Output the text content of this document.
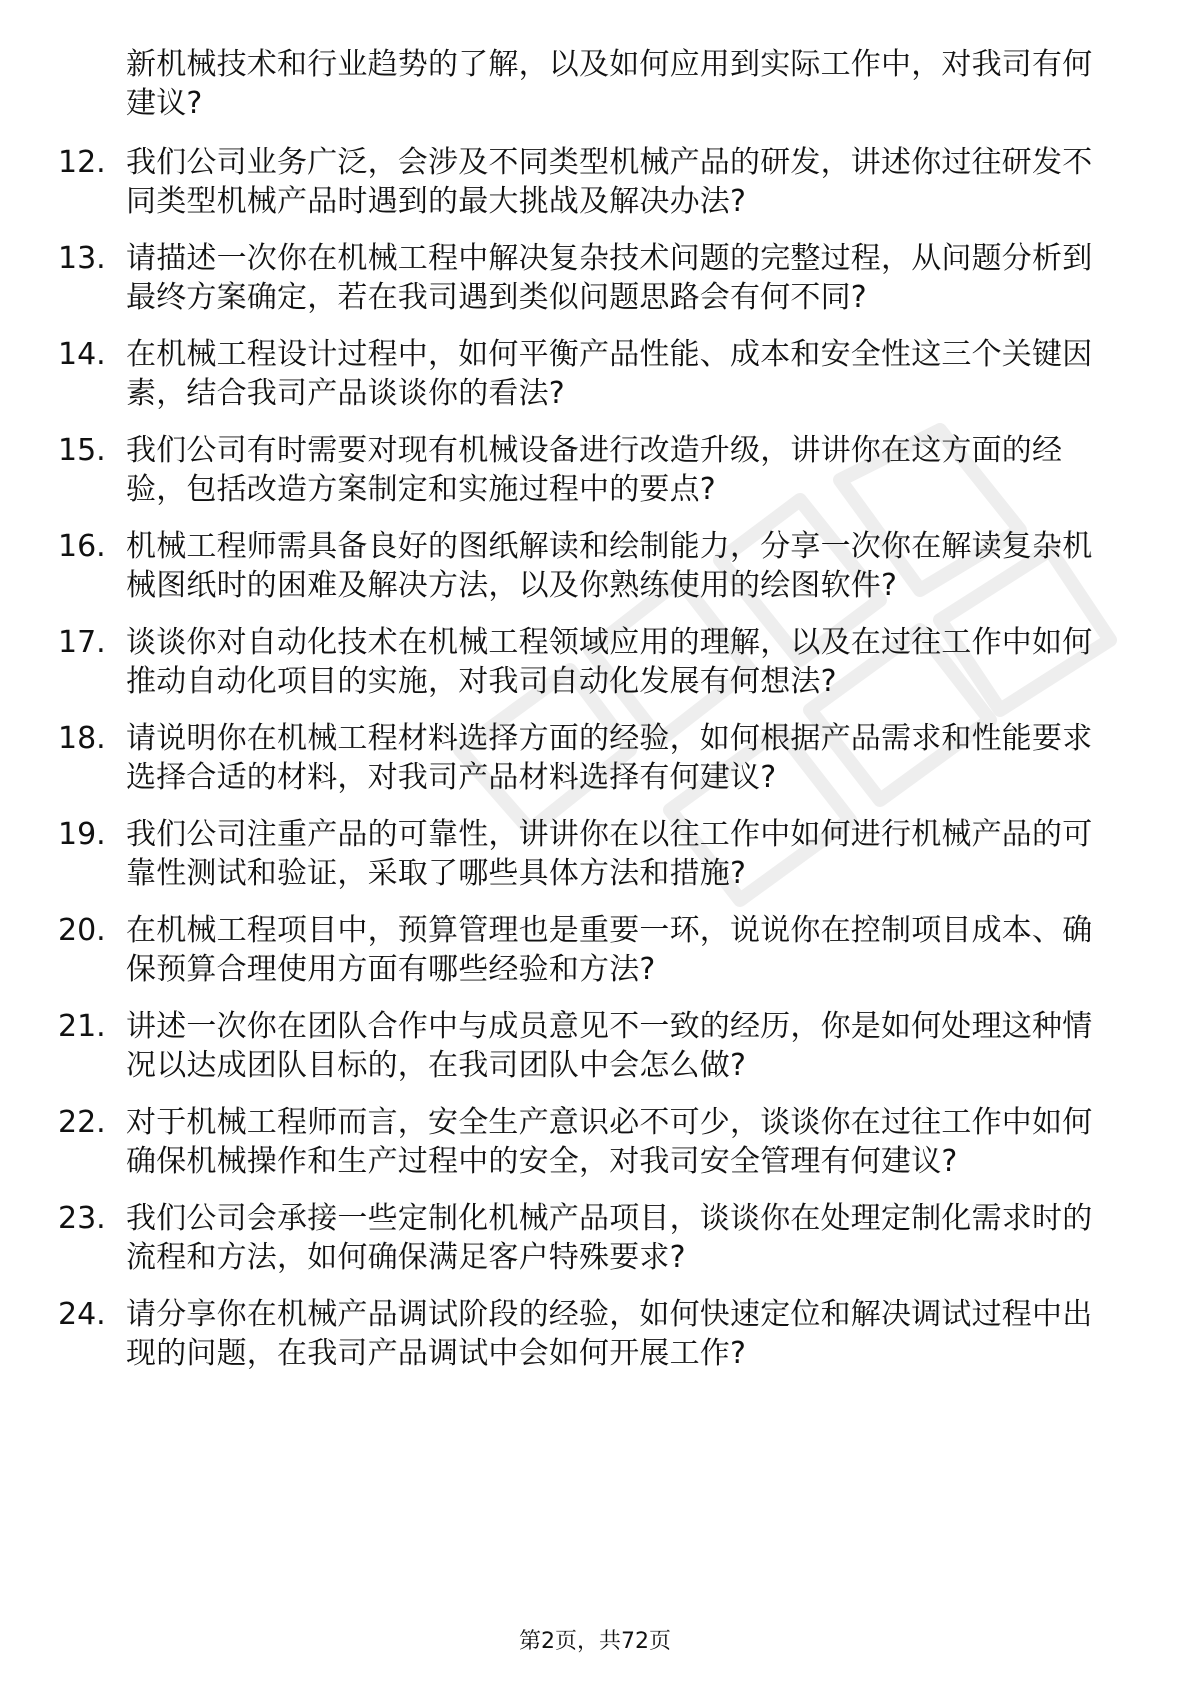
新机械技术和行业趋势的了解，以及如何应用到实际工作中，对我司有何建议?
12. 我们公司业务广泛，会涉及不同类型机械产品的研发，讲述你过往研发不同类型机械产品时遇到的最大挑战及解决办法?
13. 请描述一次你在机械工程中解决复杂技术问题的完整过程，从问题分析到最终方案确定，若在我司遇到类似问题思路会有何不同?
14. 在机械工程设计过程中，如何平衡产品性能、成本和安全性这三个关键因素，结合我司产品谈谈你的看法?
15. 我们公司有时需要对现有机械设备进行改造升级，讲讲你在这方面的经验，包括改造方案制定和实施过程中的要点?
16. 机械工程师需具备良好的图纸解读和绘制能力，分享一次你在解读复杂机械图纸时的困难及解决方法，以及你熟练使用的绘图软件?
17. 谈谈你对自动化技术在机械工程领域应用的理解，以及在过往工作中如何推动自动化项目的实施，对我司自动化发展有何想法?
18. 请说明你在机械工程材料选择方面的经验，如何根据产品需求和性能要求选择合适的材料，对我司产品材料选择有何建议?
19. 我们公司注重产品的可靠性，讲讲你在以往工作中如何进行机械产品的可靠性测试和验证，采取了哪些具体方法和措施?
20. 在机械工程项目中，预算管理也是重要一环，说说你在控制项目成本、确保预算合理使用方面有哪些经验和方法?
21. 讲述一次你在团队合作中与成员意见不一致的经历，你是如何处理这种情况以达成团队目标的，在我司团队中会怎么做?
22. 对于机械工程师而言，安全生产意识必不可少，谈谈你在过往工作中如何确保机械操作和生产过程中的安全，对我司安全管理有何建议?
23. 我们公司会承接一些定制化机械产品项目，谈谈你在处理定制化需求时的流程和方法，如何确保满足客户特殊要求?
24. 请分享你在机械产品调试阶段的经验，如何快速定位和解决调试过程中出现的问题，在我司产品调试中会如何开展工作?
第2页，共72页
